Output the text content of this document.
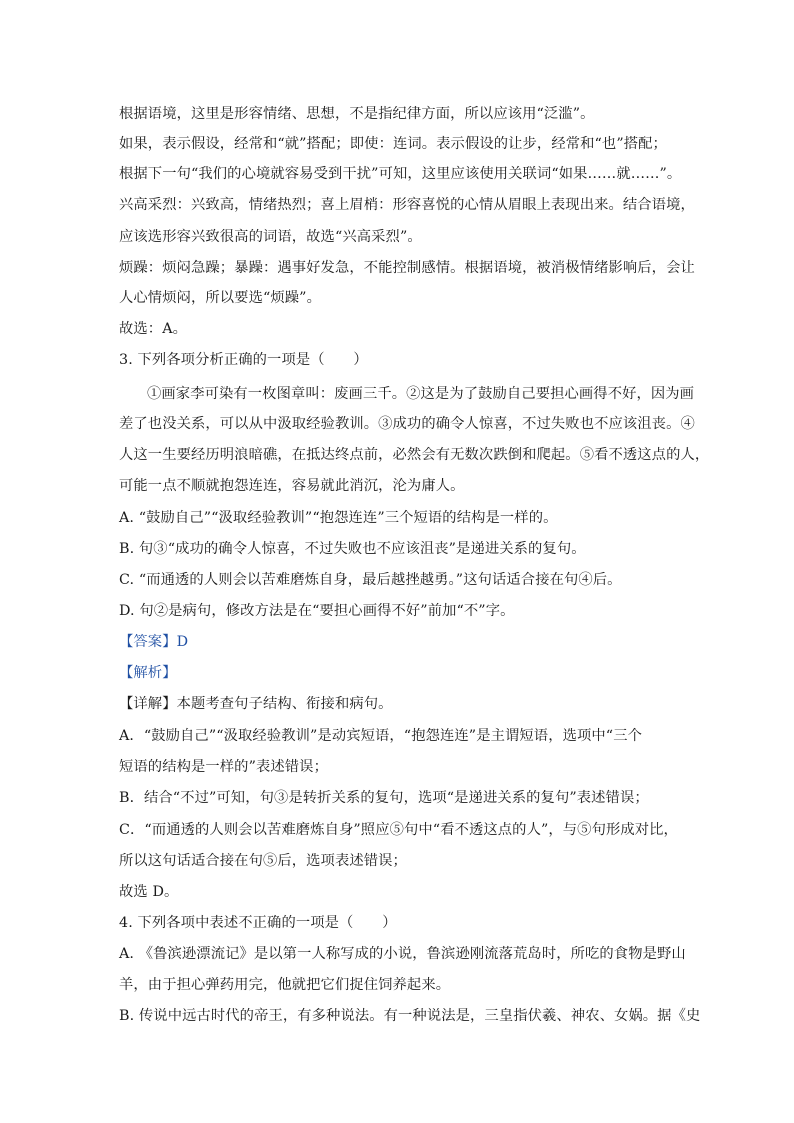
根据语境，这里是形容情绪、思想，不是指纪律方面，所以应该用“泛滥”。
如果，表示假设，经常和“就”搭配；即使：连词。表示假设的让步，经常和“也”搭配；
根据下一句“我们的心境就容易受到干扰”可知，这里应该使用关联词“如果……就……”。
兴高采烈：兴致高，情绪热烈；喜上眉梢：形容喜悦的心情从眉眼上表现出来。结合语境，
应该选形容兴致很高的词语，故选“兴高采烈”。
烦躁：烦闷急躁；暴躁：遇事好发急，不能控制感情。根据语境，被消极情绪影响后，会让
人心情烦闷，所以要选“烦躁”。
故选：A。
3. 下列各项分析正确的一项是（　　）
①画家李可染有一枚图章叫：废画三千。②这是为了鼓励自己要担心画得不好，因为画
差了也没关系，可以从中汲取经验教训。③成功的确令人惊喜，不过失败也不应该沮丧。④
人这一生要经历明浪暗礁，在抵达终点前，必然会有无数次跌倒和爬起。⑤看不透这点的人，
可能一点不顺就抱怨连连，容易就此消沉，沦为庸人。
A. “鼓励自己”“汲取经验教训”“抱怨连连”三个短语的结构是一样的。
B. 句③“成功的确令人惊喜，不过失败也不应该沮丧”是递进关系的复句。
C. “而通透的人则会以苦难磨炼自身，最后越挫越勇。”这句话适合接在句④后。
D. 句②是病句，修改方法是在“要担心画得不好”前加“不”字。
【答案】D
【解析】
【详解】本题考查句子结构、衔接和病句。
A．“鼓励自己”“汲取经验教训”是动宾短语，“抱怨连连”是主谓短语，选项中“三个
短语的结构是一样的”表述错误；
B．结合“不过”可知，句③是转折关系的复句，选项“是递进关系的复句”表述错误；
C．“而通透的人则会以苦难磨炼自身”照应⑤句中“看不透这点的人”，与⑤句形成对比，
所以这句话适合接在句⑤后，选项表述错误；
故选 D。
4. 下列各项中表述不正确的一项是（　　）
A. 《鲁滨逊漂流记》是以第一人称写成的小说，鲁滨逊刚流落荒岛时，所吃的食物是野山
羊，由于担心弹药用完，他就把它们捉住饲养起来。
B. 传说中远古时代的帝王，有多种说法。有一种说法是，三皇指伏羲、神农、女娲。据《史
